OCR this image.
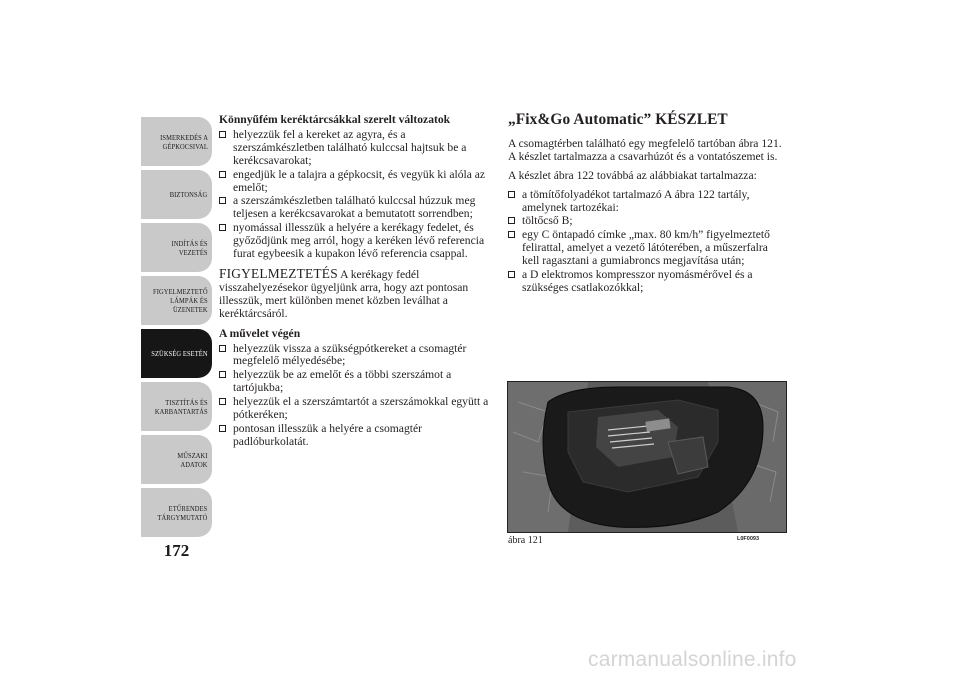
ISMERKEDÉS A
GÉPKOCSIVAL
BIZTONSÁG
INDÍTÁS ÉS
VEZETÉS
FIGYELMEZTETŐ
LÁMPÁK ÉS
ÜZENETEK
SZÜKSÉG ESETÉN
TISZTÍTÁS ÉS
KARBANTARTÁS
MŰSZAKI ADATOK
ETŰRENDES
TÁRGYMUTATÓ
172
Könnyűfém keréktárcsákkal szerelt változatok
helyezzük fel a kereket az agyra, és a szerszámkészletben található kulccsal hajtsuk be a kerékcsavarokat;
engedjük le a talajra a gépkocsit, és vegyük ki alóla az emelőt;
a szerszámkészletben található kulccsal húzzuk meg teljesen a kerékcsavarokat a bemutatott sorrendben;
nyomással illesszük a helyére a kerékagy fedelet, és győződjünk meg arról, hogy a keréken lévő referencia furat egybeesik a kupakon lévő referencia csappal.
FIGYELMEZTETÉS A kerékagy fedél visszahelyezésekor ügyeljünk arra, hogy azt pontosan illesszük, mert különben menet közben leválhat a keréktárcsáról.
A művelet végén
helyezzük vissza a szükségpótkereket a csomagtér megfelelő mélyedésébe;
helyezzük be az emelőt és a többi szerszámot a tartójukba;
helyezzük el a szerszámtartót a szerszámokkal együtt a pótkeréken;
pontosan illesszük a helyére a csomagtér padlóburkolatát.
„Fix&Go Automatic” KÉSZLET
A csomagtérben található egy megfelelő tartóban ábra 121. A készlet tartalmazza a csavarhúzót és a vontatószemet is.
A készlet ábra 122 továbbá az alábbiakat tartalmazza:
a tömítőfolyadékot tartalmazó A ábra 122 tartály, amelynek tartozékai:
töltőcső B;
egy C öntapadó címke „max. 80 km/h” figyelmeztető felirattal, amelyet a vezető látóterében, a műszerfalra kell ragasztani a gumiabroncs megjavítása után;
a D elektromos kompresszor nyomásmérővel és a szükséges csatlakozókkal;
ábra 121	L0F0093
carmanualsonline.info
